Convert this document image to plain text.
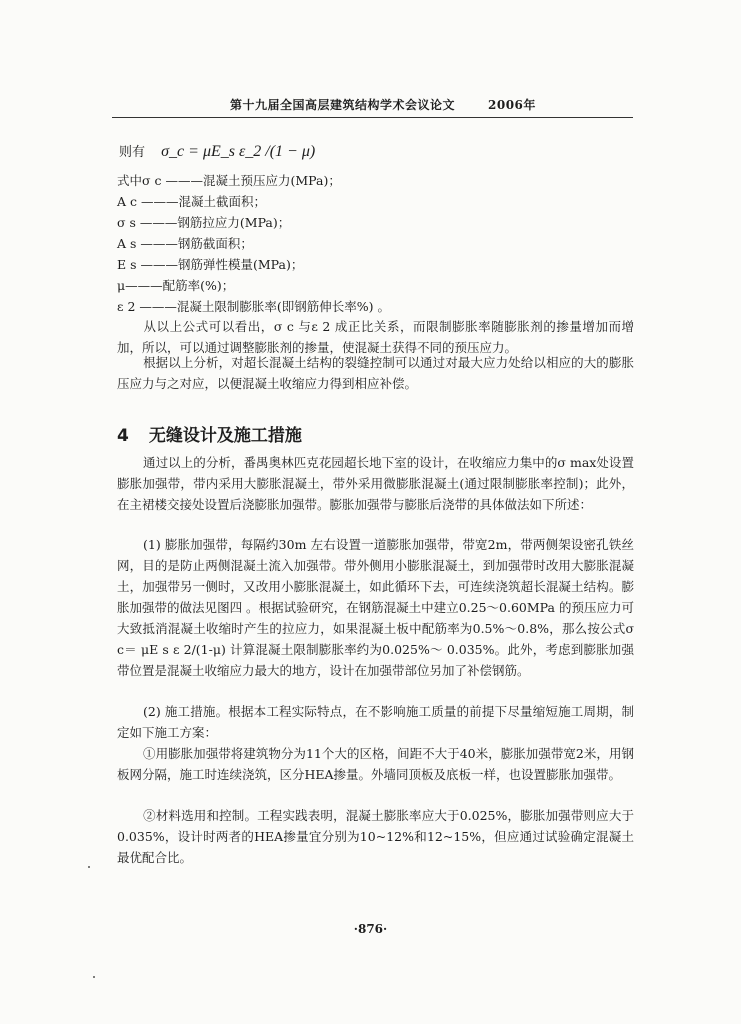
第十九届全国高层建筑结构学术会议论文	2006年
则有 σ_c = μE_s ε_2 /(1 − μ)
式中σ c ———混凝土预压应力(MPa)；
A c ———混凝土截面积；
σ s ———钢筋拉应力(MPa)；
A s ———钢筋截面积；
E s ———钢筋弹性模量(MPa)；
μ———配筋率(%)；
ε 2 ———混凝土限制膨胀率(即钢筋伸长率%) 。
从以上公式可以看出，σ c 与ε 2 成正比关系，而限制膨胀率随膨胀剂的掺量增加而增加，所以，可以通过调整膨胀剂的掺量，使混凝土获得不同的预压应力。
根据以上分析，对超长混凝土结构的裂缝控制可以通过对最大应力处给以相应的大的膨胀压应力与之对应，以便混凝土收缩应力得到相应补偿。
4 无缝设计及施工措施
通过以上的分析，番禺奥林匹克花园超长地下室的设计，在收缩应力集中的σ max处设置膨胀加强带，带内采用大膨胀混凝土，带外采用微膨胀混凝土(通过限制膨胀率控制)；此外，在主裙楼交接处设置后浇膨胀加强带。膨胀加强带与膨胀后浇带的具体做法如下所述：
(1) 膨胀加强带，每隔约30m 左右设置一道膨胀加强带，带宽2m，带两侧架设密孔铁丝网，目的是防止两侧混凝土流入加强带。带外侧用小膨胀混凝土，到加强带时改用大膨胀混凝土，加强带另一侧时，又改用小膨胀混凝土，如此循环下去，可连续浇筑超长混凝土结构。膨胀加强带的做法见图四 。根据试验研究，在钢筋混凝土中建立0.25～0.60MPa 的预压应力可大致抵消混凝土收缩时产生的拉应力，如果混凝土板中配筋率为0.5%～0.8%，那么按公式σ c＝ μE s ε 2/(1-μ) 计算混凝土限制膨胀率约为0.025%～ 0.035%。此外，考虑到膨胀加强带位置是混凝土收缩应力最大的地方，设计在加强带部位另加了补偿钢筋。
(2) 施工措施。根据本工程实际特点，在不影响施工质量的前提下尽量缩短施工周期，制定如下施工方案：
①用膨胀加强带将建筑物分为11个大的区格，间距不大于40米，膨胀加强带宽2米，用钢板网分隔，施工时连续浇筑，区分HEA掺量。外墙同顶板及底板一样，也设置膨胀加强带。
②材料选用和控制。工程实践表明，混凝土膨胀率应大于0.025%，膨胀加强带则应大于0.035%，设计时两者的HEA掺量宜分别为10~12%和12~15%，但应通过试验确定混凝土最优配合比。
·876·
